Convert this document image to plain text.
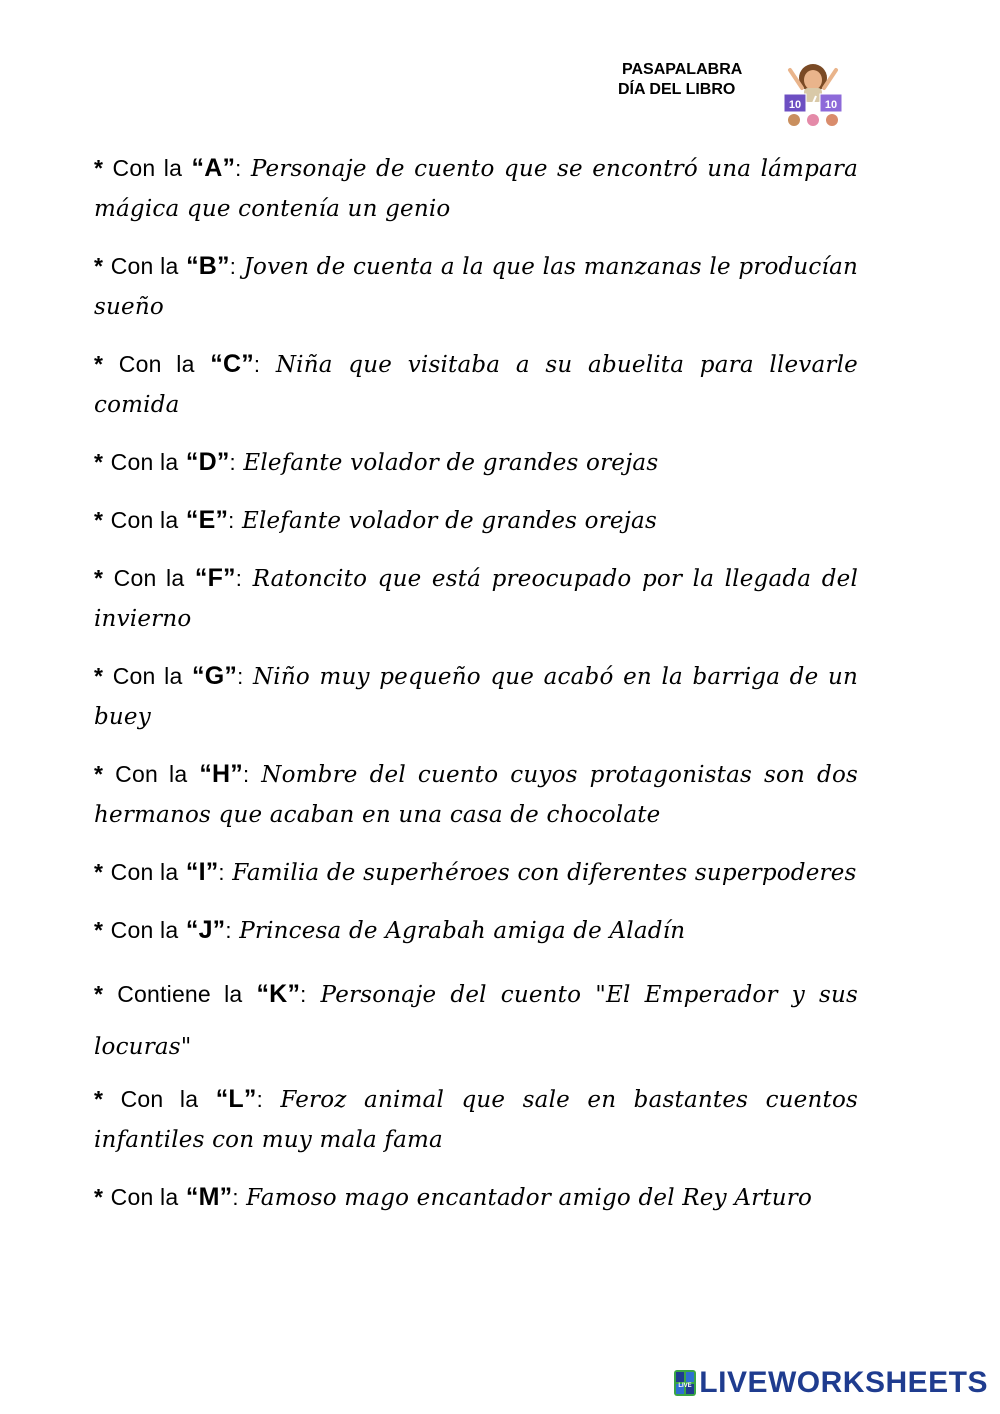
PASAPALABRA
DÍA DEL LIBRO
10 10

* Con la “A”: Personaje de cuento que se encontró una lámpara mágica que contenía un genio

* Con la “B”: Joven de cuenta a la que las manzanas le producían sueño

* Con la “C”: Niña que visitaba a su abuelita para llevarle comida

* Con la “D”: Elefante volador de grandes orejas

* Con la “E”: Elefante volador de grandes orejas

* Con la “F”: Ratoncito que está preocupado por la llegada del invierno

* Con la “G”: Niño muy pequeño que acabó en la barriga de un buey

* Con la “H”: Nombre del cuento cuyos protagonistas son dos hermanos que acaban en una casa de chocolate

* Con la “I”: Familia de superhéroes con diferentes superpoderes

* Con la “J”: Princesa de Agrabah amiga de Aladín

* Contiene la “K”: Personaje del cuento "El Emperador y sus locuras"

* Con la “L”: Feroz animal que sale en bastantes cuentos infantiles con muy mala fama

* Con la “M”: Famoso mago encantador amigo del Rey Arturo

LIVE LIVEWORKSHEETS
